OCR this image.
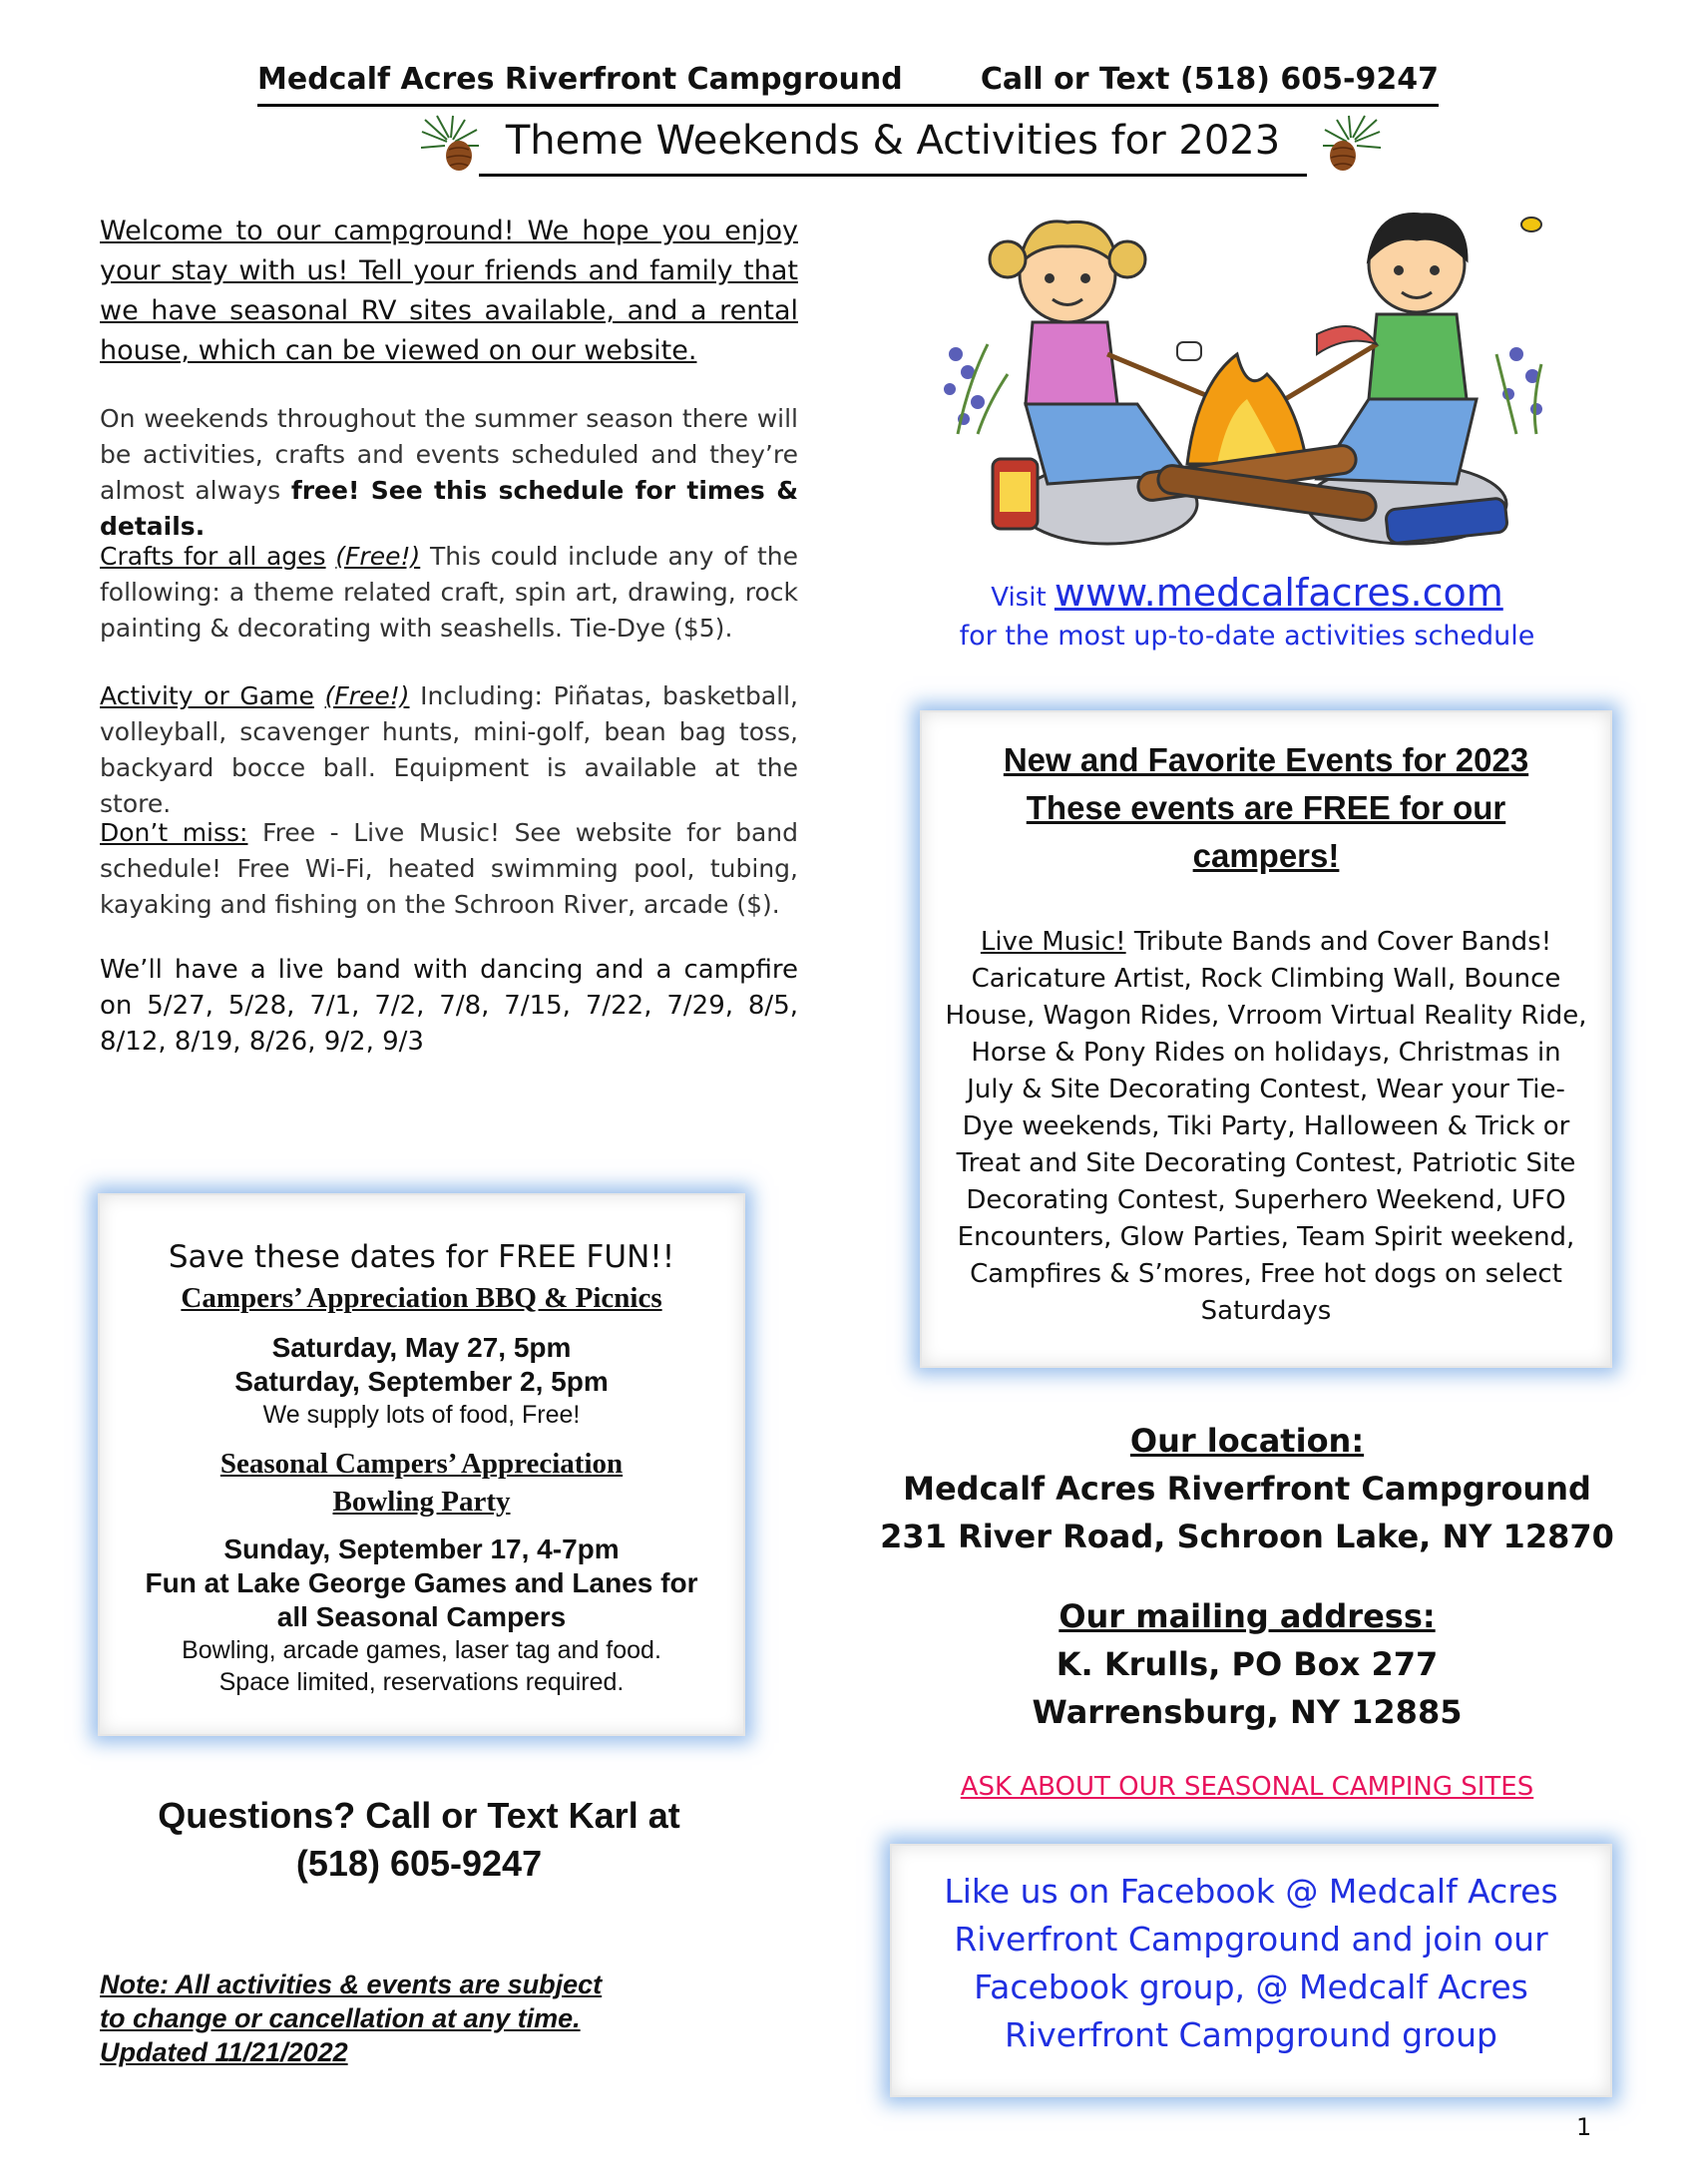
Medcalf Acres Riverfront Campground	Call or Text (518) 605-9247
Theme Weekends & Activities for 2023
Welcome to our campground! We hope you enjoy your stay with us! Tell your friends and family that we have seasonal RV sites available, and a rental house, which can be viewed on our website.
On weekends throughout the summer season there will be activities, crafts and events scheduled and they’re almost always free! See this schedule for times & details.
Crafts for all ages (Free!) This could include any of the following: a theme related craft, spin art, drawing, rock painting & decorating with seashells. Tie-Dye ($5).
Activity or Game (Free!) Including: Piñatas, basketball, volleyball, scavenger hunts, mini-golf, bean bag toss, backyard bocce ball. Equipment is available at the store.
Don’t miss: Free - Live Music! See website for band schedule! Free Wi-Fi, heated swimming pool, tubing, kayaking and fishing on the Schroon River, arcade ($).
We’ll have a live band with dancing and a campfire on 5/27, 5/28, 7/1, 7/2, 7/8, 7/15, 7/22, 7/29, 8/5, 8/12, 8/19, 8/26, 9/2, 9/3
Save these dates for FREE FUN!!
Campers’ Appreciation BBQ & Picnics
Saturday, May 27, 5pm
Saturday, September 2, 5pm
We supply lots of food, Free!
Seasonal Campers’ Appreciation
Bowling Party
Sunday, September 17, 4-7pm
Fun at Lake George Games and Lanes for
all Seasonal Campers
Bowling, arcade games, laser tag and food.
Space limited, reservations required.
Questions? Call or Text Karl at
(518) 605-9247
Note: All activities & events are subject
to change or cancellation at any time.
Updated 11/21/2022
Visit www.medcalfacres.com
for the most up-to-date activities schedule
New and Favorite Events for 2023
These events are FREE for our
campers!
Live Music! Tribute Bands and Cover Bands! Caricature Artist, Rock Climbing Wall, Bounce House, Wagon Rides, Vrroom Virtual Reality Ride, Horse & Pony Rides on holidays, Christmas in July & Site Decorating Contest, Wear your Tie-Dye weekends, Tiki Party, Halloween & Trick or Treat and Site Decorating Contest, Patriotic Site Decorating Contest, Superhero Weekend, UFO Encounters, Glow Parties, Team Spirit weekend, Campfires & S’mores, Free hot dogs on select Saturdays
Our location:
Medcalf Acres Riverfront Campground
231 River Road, Schroon Lake, NY 12870
Our mailing address:
K. Krulls, PO Box 277
Warrensburg, NY 12885
ASK ABOUT OUR SEASONAL CAMPING SITES
Like us on Facebook @ Medcalf Acres Riverfront Campground and join our Facebook group, @ Medcalf Acres Riverfront Campground group
1
